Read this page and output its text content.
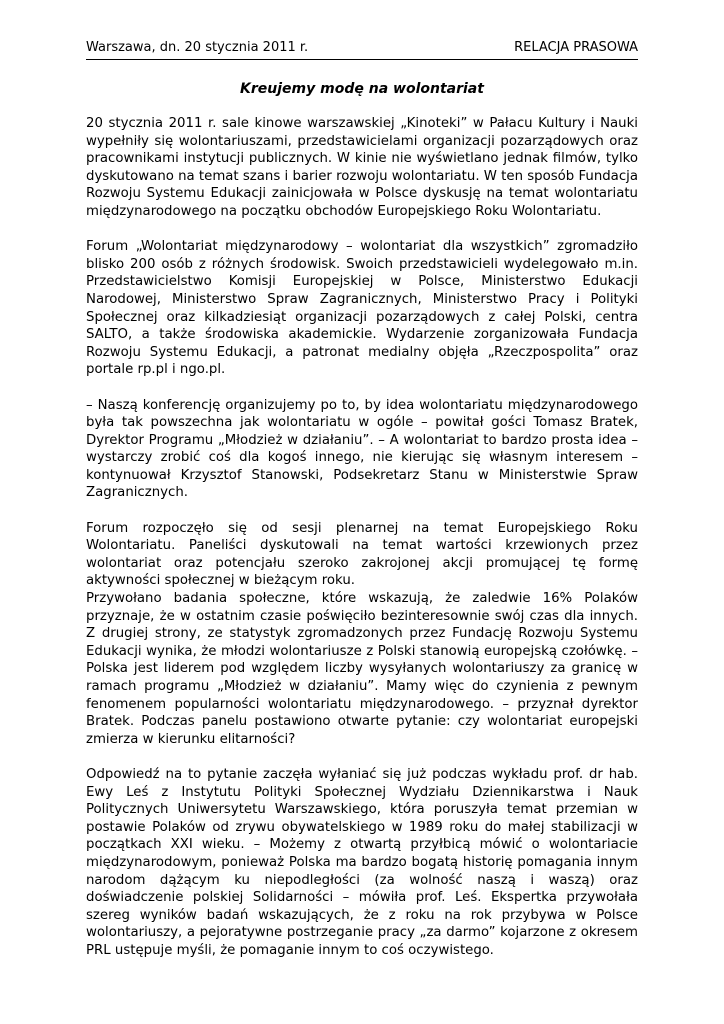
Warszawa, dn. 20 stycznia 2011 r.	RELACJA PRASOWA
Kreujemy modę na wolontariat

20 stycznia 2011 r. sale kinowe warszawskiej „Kinoteki” w Pałacu Kultury i Nauki wypełniły się wolontariuszami, przedstawicielami organizacji pozarządowych oraz pracownikami instytucji publicznych. W kinie nie wyświetlano jednak filmów, tylko dyskutowano na temat szans i barier rozwoju wolontariatu. W ten sposób Fundacja Rozwoju Systemu Edukacji zainicjowała w Polsce dyskusję na temat wolontariatu międzynarodowego na początku obchodów Europejskiego Roku Wolontariatu.

Forum „Wolontariat międzynarodowy – wolontariat dla wszystkich” zgromadziło blisko 200 osób z różnych środowisk. Swoich przedstawicieli wydelegowało m.in. Przedstawicielstwo Komisji Europejskiej w Polsce, Ministerstwo Edukacji Narodowej, Ministerstwo Spraw Zagranicznych, Ministerstwo Pracy i Polityki Społecznej oraz kilkadziesiąt organizacji pozarządowych z całej Polski, centra SALTO, a także środowiska akademickie. Wydarzenie zorganizowała Fundacja Rozwoju Systemu Edukacji, a patronat medialny objęła „Rzeczpospolita” oraz portale rp.pl i ngo.pl.

– Naszą konferencję organizujemy po to, by idea wolontariatu międzynarodowego była tak powszechna jak wolontariatu w ogóle – powitał gości Tomasz Bratek, Dyrektor Programu „Młodzież w działaniu”. – A wolontariat to bardzo prosta idea – wystarczy zrobić coś dla kogoś innego, nie kierując się własnym interesem – kontynuował Krzysztof Stanowski, Podsekretarz Stanu w Ministerstwie Spraw Zagranicznych.

Forum rozpoczęło się od sesji plenarnej na temat Europejskiego Roku Wolontariatu. Paneliści dyskutowali na temat wartości krzewionych przez wolontariat oraz potencjału szeroko zakrojonej akcji promującej tę formę aktywności społecznej w bieżącym roku.

Przywołano badania społeczne, które wskazują, że zaledwie 16% Polaków przyznaje, że w ostatnim czasie poświęciło bezinteresownie swój czas dla innych. Z drugiej strony, ze statystyk zgromadzonych przez Fundację Rozwoju Systemu Edukacji wynika, że młodzi wolontariusze z Polski stanowią europejską czołówkę. – Polska jest liderem pod względem liczby wysyłanych wolontariuszy za granicę w ramach programu „Młodzież w działaniu”. Mamy więc do czynienia z pewnym fenomenem popularności wolontariatu międzynarodowego. – przyznał dyrektor Bratek. Podczas panelu postawiono otwarte pytanie: czy wolontariat europejski zmierza w kierunku elitarności?

Odpowiedź na to pytanie zaczęła wyłaniać się już podczas wykładu prof. dr hab. Ewy Leś z Instytutu Polityki Społecznej Wydziału Dziennikarstwa i Nauk Politycznych Uniwersytetu Warszawskiego, która poruszyła temat przemian w postawie Polaków od zrywu obywatelskiego w 1989 roku do małej stabilizacji w początkach XXI wieku. – Możemy z otwartą przyłbicą mówić o wolontariacie międzynarodowym, ponieważ Polska ma bardzo bogatą historię pomagania innym narodom dążącym ku niepodległości (za wolność naszą i waszą) oraz doświadczenie polskiej Solidarności – mówiła prof. Leś. Ekspertka przywołała szereg wyników badań wskazujących, że z roku na rok przybywa w Polsce wolontariuszy, a pejoratywne postrzeganie pracy „za darmo” kojarzone z okresem PRL ustępuje myśli, że pomaganie innym to coś oczywistego.
